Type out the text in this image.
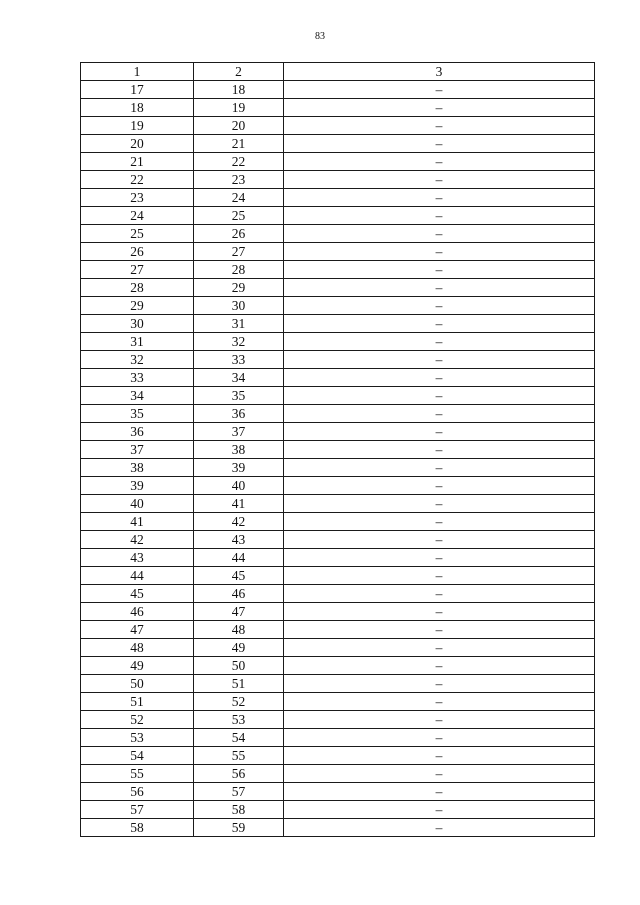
83
1	2	3
17	18	–
18	19	–
19	20	–
20	21	–
21	22	–
22	23	–
23	24	–
24	25	–
25	26	–
26	27	–
27	28	–
28	29	–
29	30	–
30	31	–
31	32	–
32	33	–
33	34	–
34	35	–
35	36	–
36	37	–
37	38	–
38	39	–
39	40	–
40	41	–
41	42	–
42	43	–
43	44	–
44	45	–
45	46	–
46	47	–
47	48	–
48	49	–
49	50	–
50	51	–
51	52	–
52	53	–
53	54	–
54	55	–
55	56	–
56	57	–
57	58	–
58	59	–
